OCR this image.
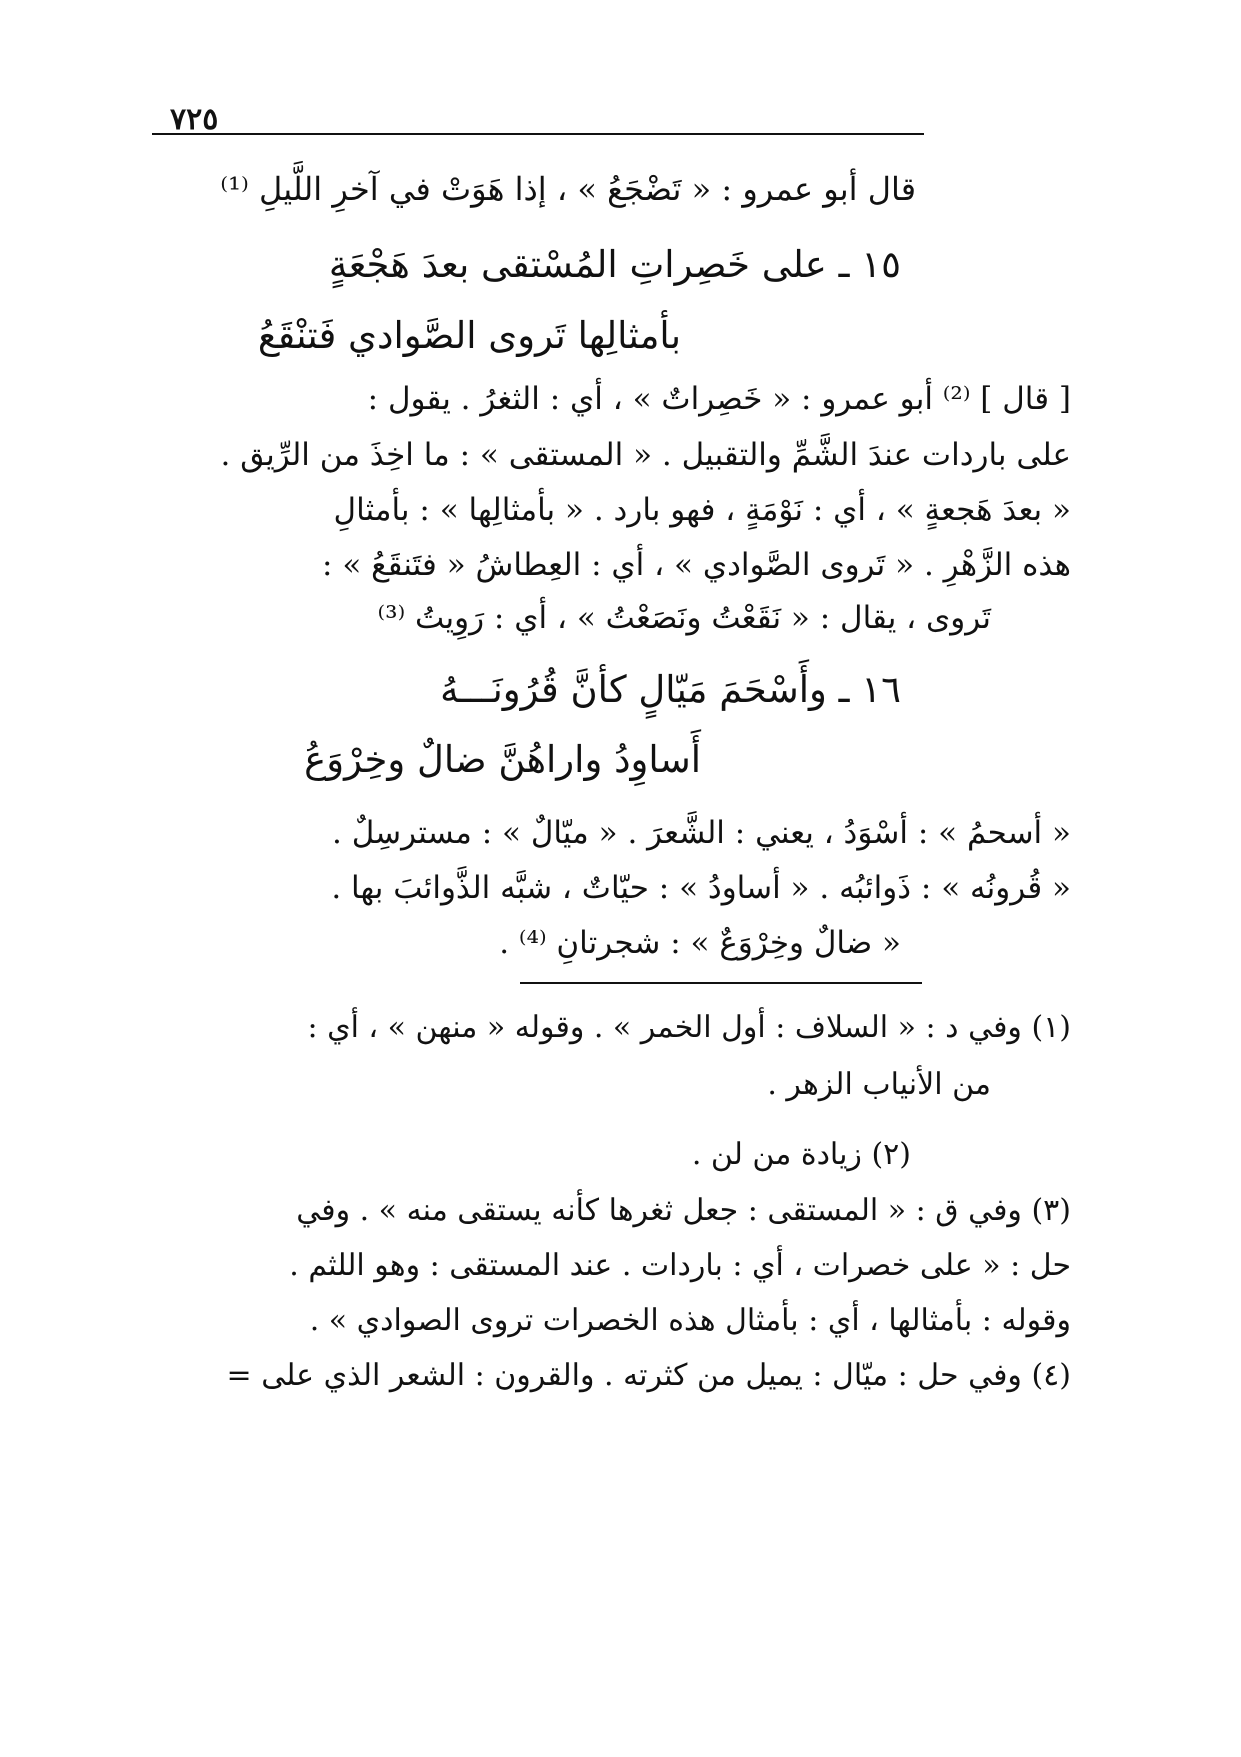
٧٢٥
قال أبو عمرو : « تَضْجَعُ » ، إذا هَوَتْ في آخرِ اللَّيلِ ⁽¹⁾
١٥ ـ على خَصِراتِ المُسْتقى بعدَ هَجْعَةٍ
بأمثالِها تَروى الصَّوادي فَتنْقَعُ
[ قال ] ⁽²⁾ أبو عمرو : « خَصِراتٌ » ، أي : الثغرُ . يقول :
على باردات عندَ الشَّمِّ والتقبيل . « المستقى » : ما اخِذَ من الرِّيق .
« بعدَ هَجعةٍ » ، أي : نَوْمَةٍ ، فهو بارد . « بأمثالِها » : بأمثالِ
هذه الزَّهْرِ . « تَروى الصَّوادي » ، أي : العِطاشُ « فتَنقَعُ » :
تَروى ، يقال : « نَقَعْتُ ونَصَعْتُ » ، أي : رَوِيتُ ⁽³⁾
١٦ ـ وأَسْحَمَ مَيّالٍ كأنَّ قُرُونَـــهُ
أَساوِدُ واراهُنَّ ضالٌ وخِرْوَعُ
« أسحمُ » : أسْوَدُ ، يعني : الشَّعرَ . « ميّالٌ » : مسترسِلٌ .
« قُرونُه » : ذَوائبُه . « أساودُ » : حيّاتٌ ، شبَّه الذَّوائبَ بها .
« ضالٌ وخِرْوَعٌ » : شجرتانِ ⁽⁴⁾ .
(١) وفي د : « السلاف : أول الخمر » . وقوله « منهن » ، أي :
من الأنياب الزهر .
(٢) زيادة من لن .
(٣) وفي ق : « المستقى : جعل ثغرها كأنه يستقى منه » . وفي
حل : « على خصرات ، أي : باردات . عند المستقى : وهو اللثم .
وقوله : بأمثالها ، أي : بأمثال هذه الخصرات تروى الصوادي » .
(٤) وفي حل : ميّال : يميل من كثرته . والقرون : الشعر الذي على =
